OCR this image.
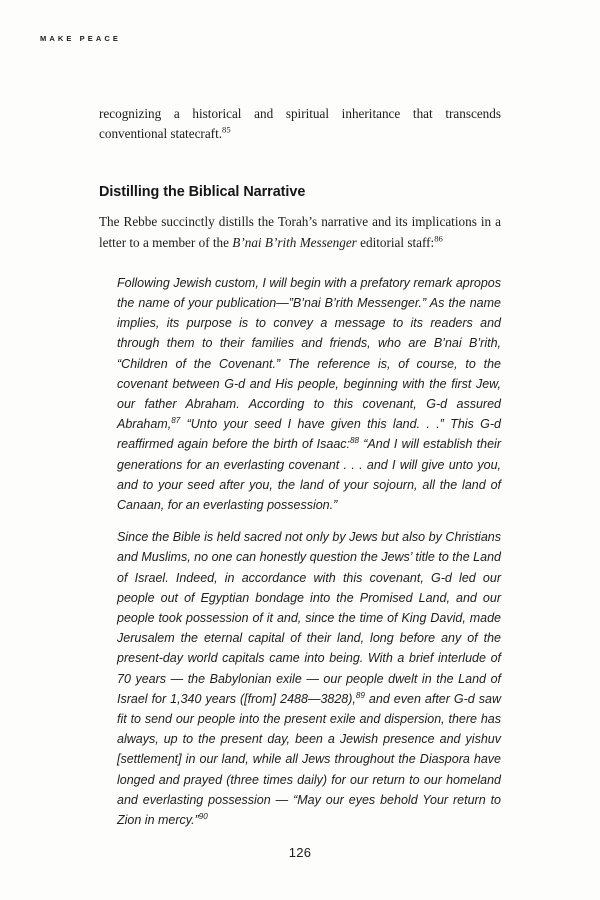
MAKE PEACE

recognizing a historical and spiritual inheritance that transcends conventional statecraft.$^{85}$

Distilling the Biblical Narrative

The Rebbe succinctly distills the Torah’s narrative and its implications in a letter to a member of the B’nai B’rith Messenger editorial staff:$^{86}$

Following Jewish custom, I will begin with a prefatory remark apropos the name of your publication—”B’nai B’rith Messenger.” As the name implies, its purpose is to convey a message to its readers and through them to their families and friends, who are B’nai B’rith, “Children of the Covenant.” The reference is, of course, to the covenant between G-d and His people, beginning with the first Jew, our father Abraham. According to this covenant, G-d assured Abraham,$^{87}$ “Unto your seed I have given this land. . .” This G-d reaffirmed again before the birth of Isaac:$^{88}$ “And I will establish their generations for an everlasting covenant . . . and I will give unto you, and to your seed after you, the land of your sojourn, all the land of Canaan, for an everlasting possession.”

Since the Bible is held sacred not only by Jews but also by Christians and Muslims, no one can honestly question the Jews’ title to the Land of Israel. Indeed, in accordance with this covenant, G-d led our people out of Egyptian bondage into the Promised Land, and our people took possession of it and, since the time of King David, made Jerusalem the eternal capital of their land, long before any of the present-day world capitals came into being. With a brief interlude of 70 years — the Babylonian exile — our people dwelt in the Land of Israel for 1,340 years ([from] 2488—3828),$^{89}$ and even after G-d saw fit to send our people into the present exile and dispersion, there has always, up to the present day, been a Jewish presence and yishuv [settlement] in our land, while all Jews throughout the Diaspora have longed and prayed (three times daily) for our return to our homeland and everlasting possession — “May our eyes behold Your return to Zion in mercy.”$^{90}$

126
